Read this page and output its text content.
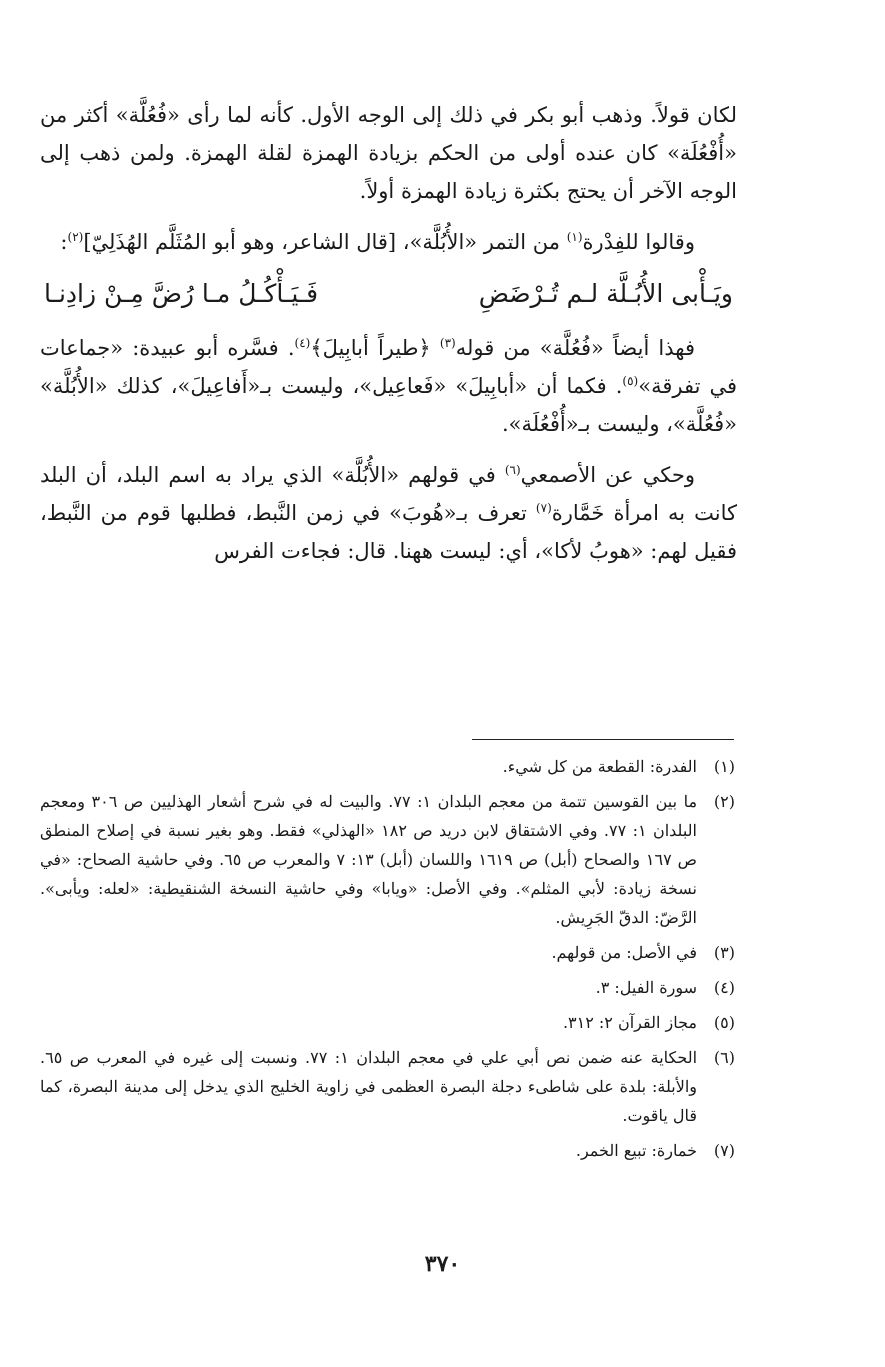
لكان قولاً. وذهب أبو بكر في ذلك إلى الوجه الأول. كأنه لما رأى «فُعُلَّة» أكثر من «أُفْعُلَة» كان عنده أولى من الحكم بزيادة الهمزة لقلة الهمزة. ولمن ذهب إلى الوجه الآخر أن يحتج بكثرة زيادة الهمزة أولاً.

وقالوا للفِدْرة$^{(١)}$ من التمر «الأُبُلَّة»، [قال الشاعر، وهو أبو المُثَلَّم الهُذَلِيّ]$^{(٢)}$:

فَـيَـأْكُـلُ مـا رُضَّ مِـنْ زادِنـا	ويَـأْبى الأُبُـلَّة لـم تُـرْضَضِ

فهذا أيضاً «فُعُلَّة» من قوله$^{(٣)}$ ﴿طيراً أبابِيلَ﴾$^{(٤)}$. فسَّره أبو عبيدة: «جماعات في تفرقة»$^{(٥)}$. فكما أن «أبابِيلَ» «فَعاعِيل»، وليست بـ«أَفاعِيلَ»، كذلك «الأُبُلَّة» «فُعُلَّة»، وليست بـ«أُفْعُلَة».

وحكي عن الأصمعي$^{(٦)}$ في قولهم «الأُبُلَّة» الذي يراد به اسم البلد، أن البلد كانت به امرأة خَمَّارة$^{(٧)}$ تعرف بـ«هُوبَ» في زمن النَّبط، فطلبها قوم من النَّبط، فقيل لهم: «هوبُ لأكا»، أي: ليست ههنا. قال: فجاءت الفرس

(١)
الفدرة: القطعة من كل شيء.
(٢)
ما بين القوسين تتمة من معجم البلدان ١: ٧٧. والبيت له في شرح أشعار الهذليين ص ٣٠٦ ومعجم البلدان ١: ٧٧. وفي الاشتقاق لابن دريد ص ١٨٢ «الهذلي» فقط. وهو بغير نسبة في إصلاح المنطق ص ١٦٧ والصحاح (أبل) ص ١٦١٩ واللسان (أبل) ١٣: ٧ والمعرب ص ٦٥. وفي حاشية الصحاح: «في نسخة زيادة: لأبي المثلم». وفي الأصل: «ويابا» وفي حاشية النسخة الشنقيطية: «لعله: ويأبى». الرَّضّ: الدقّ الجَرِيش.
(٣)
في الأصل: من قولهم.
(٤)
سورة الفيل: ٣.
(٥)
مجاز القرآن ٢: ٣١٢.
(٦)
الحكاية عنه ضمن نص أبي علي في معجم البلدان ١: ٧٧. ونسبت إلى غيره في المعرب ص ٦٥. والأبلة: بلدة على شاطىء دجلة البصرة العظمى في زاوية الخليج الذي يدخل إلى مدينة البصرة، كما قال ياقوت.
(٧)
خمارة: تبيع الخمر.
٣٧٠
